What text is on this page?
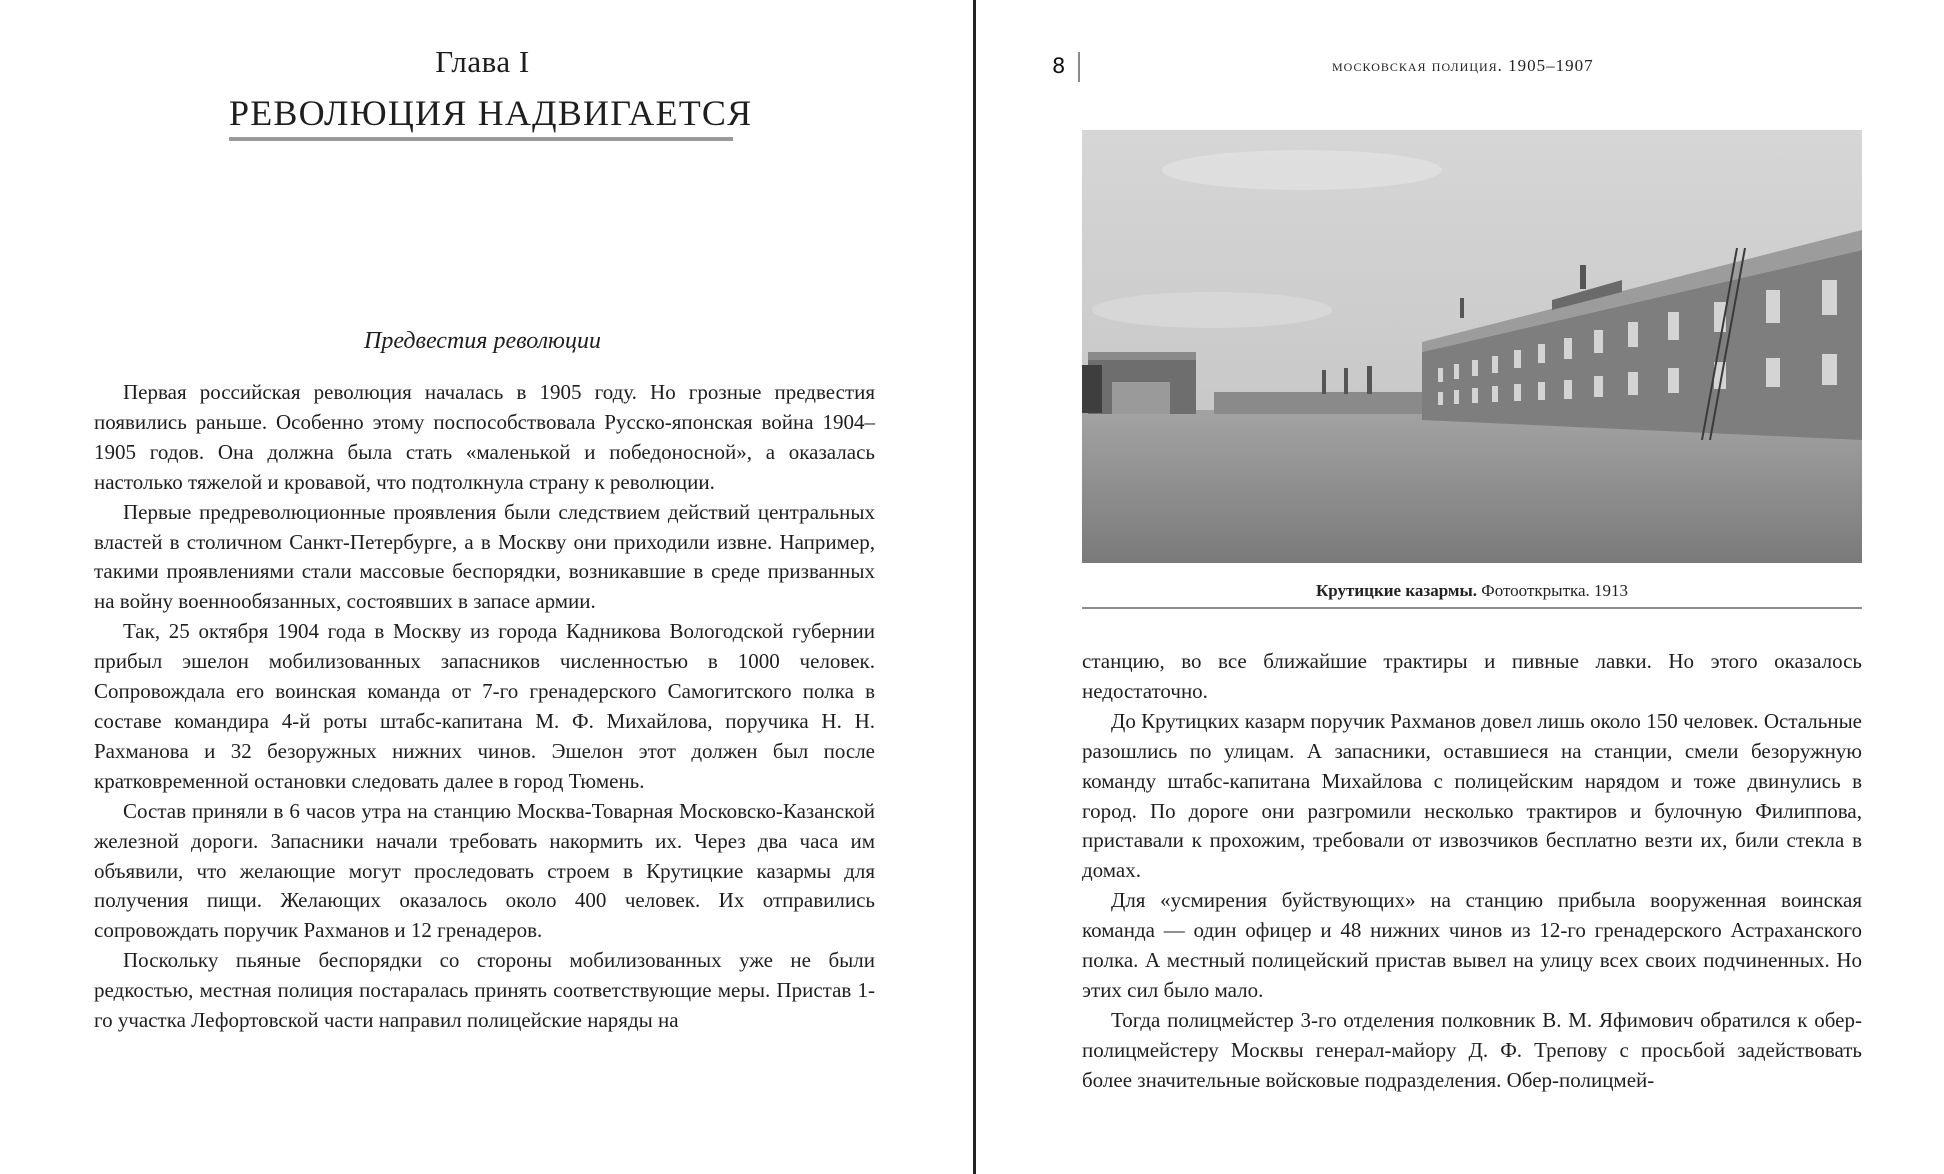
Глава I
РЕВОЛЮЦИЯ НАДВИГАЕТСЯ
Предвестия революции

Первая российская революция началась в 1905 году. Но грозные предвестия появились раньше. Особенно этому поспособствовала Русско-японская война 1904–1905 годов. Она должна была стать «маленькой и победоносной», а оказалась настолько тяжелой и кровавой, что подтолкнула страну к революции.

Первые предреволюционные проявления были следствием действий центральных властей в столичном Санкт-Петербурге, а в Москву они приходили извне. Например, такими проявлениями стали массовые беспорядки, возникавшие в среде призванных на войну военнообязанных, состоявших в запасе армии.

Так, 25 октября 1904 года в Москву из города Кадникова Вологодской губернии прибыл эшелон мобилизованных запасников численностью в 1000 человек. Сопровождала его воинская команда от 7-го гренадерского Самогитского полка в составе командира 4-й роты штабс-капитана М. Ф. Михайлова, поручика Н. Н. Рахманова и 32 безоружных нижних чинов. Эшелон этот должен был после кратковременной остановки следовать далее в город Тюмень.

Состав приняли в 6 часов утра на станцию Москва-Товарная Московско-Казанской железной дороги. Запасники начали требовать накормить их. Через два часа им объявили, что желающие могут проследовать строем в Крутицкие казармы для получения пищи. Желающих оказалось около 400 человек. Их отправились сопровождать поручик Рахманов и 12 гренадеров.

Поскольку пьяные беспорядки со стороны мобилизованных уже не были редкостью, местная полиция постаралась принять соответствующие меры. Пристав 1-го участка Лефортовской части направил полицейские наряды на

8	московская полиция. 1905–1907
Крутицкие казармы. Фотооткрытка. 1913

станцию, во все ближайшие трактиры и пивные лавки. Но этого оказалось недостаточно.

До Крутицких казарм поручик Рахманов довел лишь около 150 человек. Остальные разошлись по улицам. А запасники, оставшиеся на станции, смели безоружную команду штабс-капитана Михайлова с полицейским нарядом и тоже двинулись в город. По дороге они разгромили несколько трактиров и булочную Филиппова, приставали к прохожим, требовали от извозчиков бесплатно везти их, били стекла в домах.

Для «усмирения буйствующих» на станцию прибыла вооруженная воинская команда — один офицер и 48 нижних чинов из 12-го гренадерского Астраханского полка. А местный полицейский пристав вывел на улицу всех своих подчиненных. Но этих сил было мало.

Тогда полицмейстер 3-го отделения полковник В. М. Яфимович обратился к обер-полицмейстеру Москвы генерал-майору Д. Ф. Трепову с просьбой задействовать более значительные войсковые подразделения. Обер-полицмей-
